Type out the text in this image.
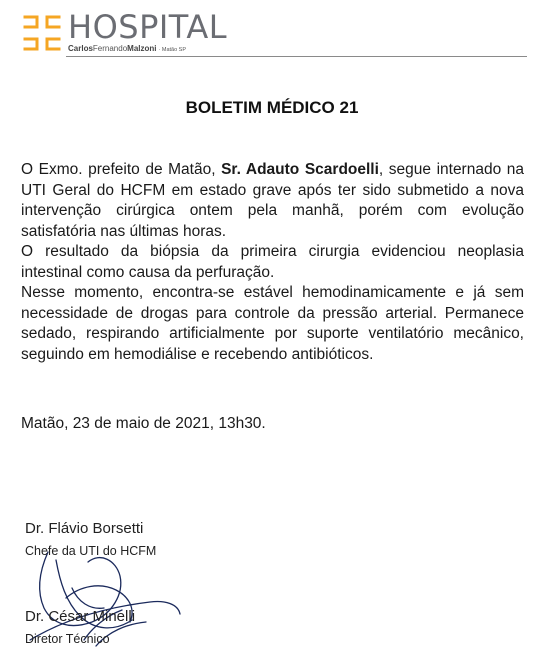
HOSPITAL
CarlosFernandoMalzoni · Matão SP
BOLETIM MÉDICO 21

O Exmo. prefeito de Matão, Sr. Adauto Scardoelli, segue internado na UTI Geral do HCFM em estado grave após ter sido submetido a nova intervenção cirúrgica ontem pela manhã, porém com evolução satisfatória nas últimas horas.

O resultado da biópsia da primeira cirurgia evidenciou neoplasia intestinal como causa da perfuração.

Nesse momento, encontra-se estável hemodinamicamente e já sem necessidade de drogas para controle da pressão arterial. Permanece sedado, respirando artificialmente por suporte ventilatório mecânico, seguindo em hemodiálise e recebendo antibióticos.

Matão, 23 de maio de 2021, 13h30.
Dr. Flávio Borsetti
Chefe da UTI do HCFM
Dr. César Minelli
Diretor Técnico
